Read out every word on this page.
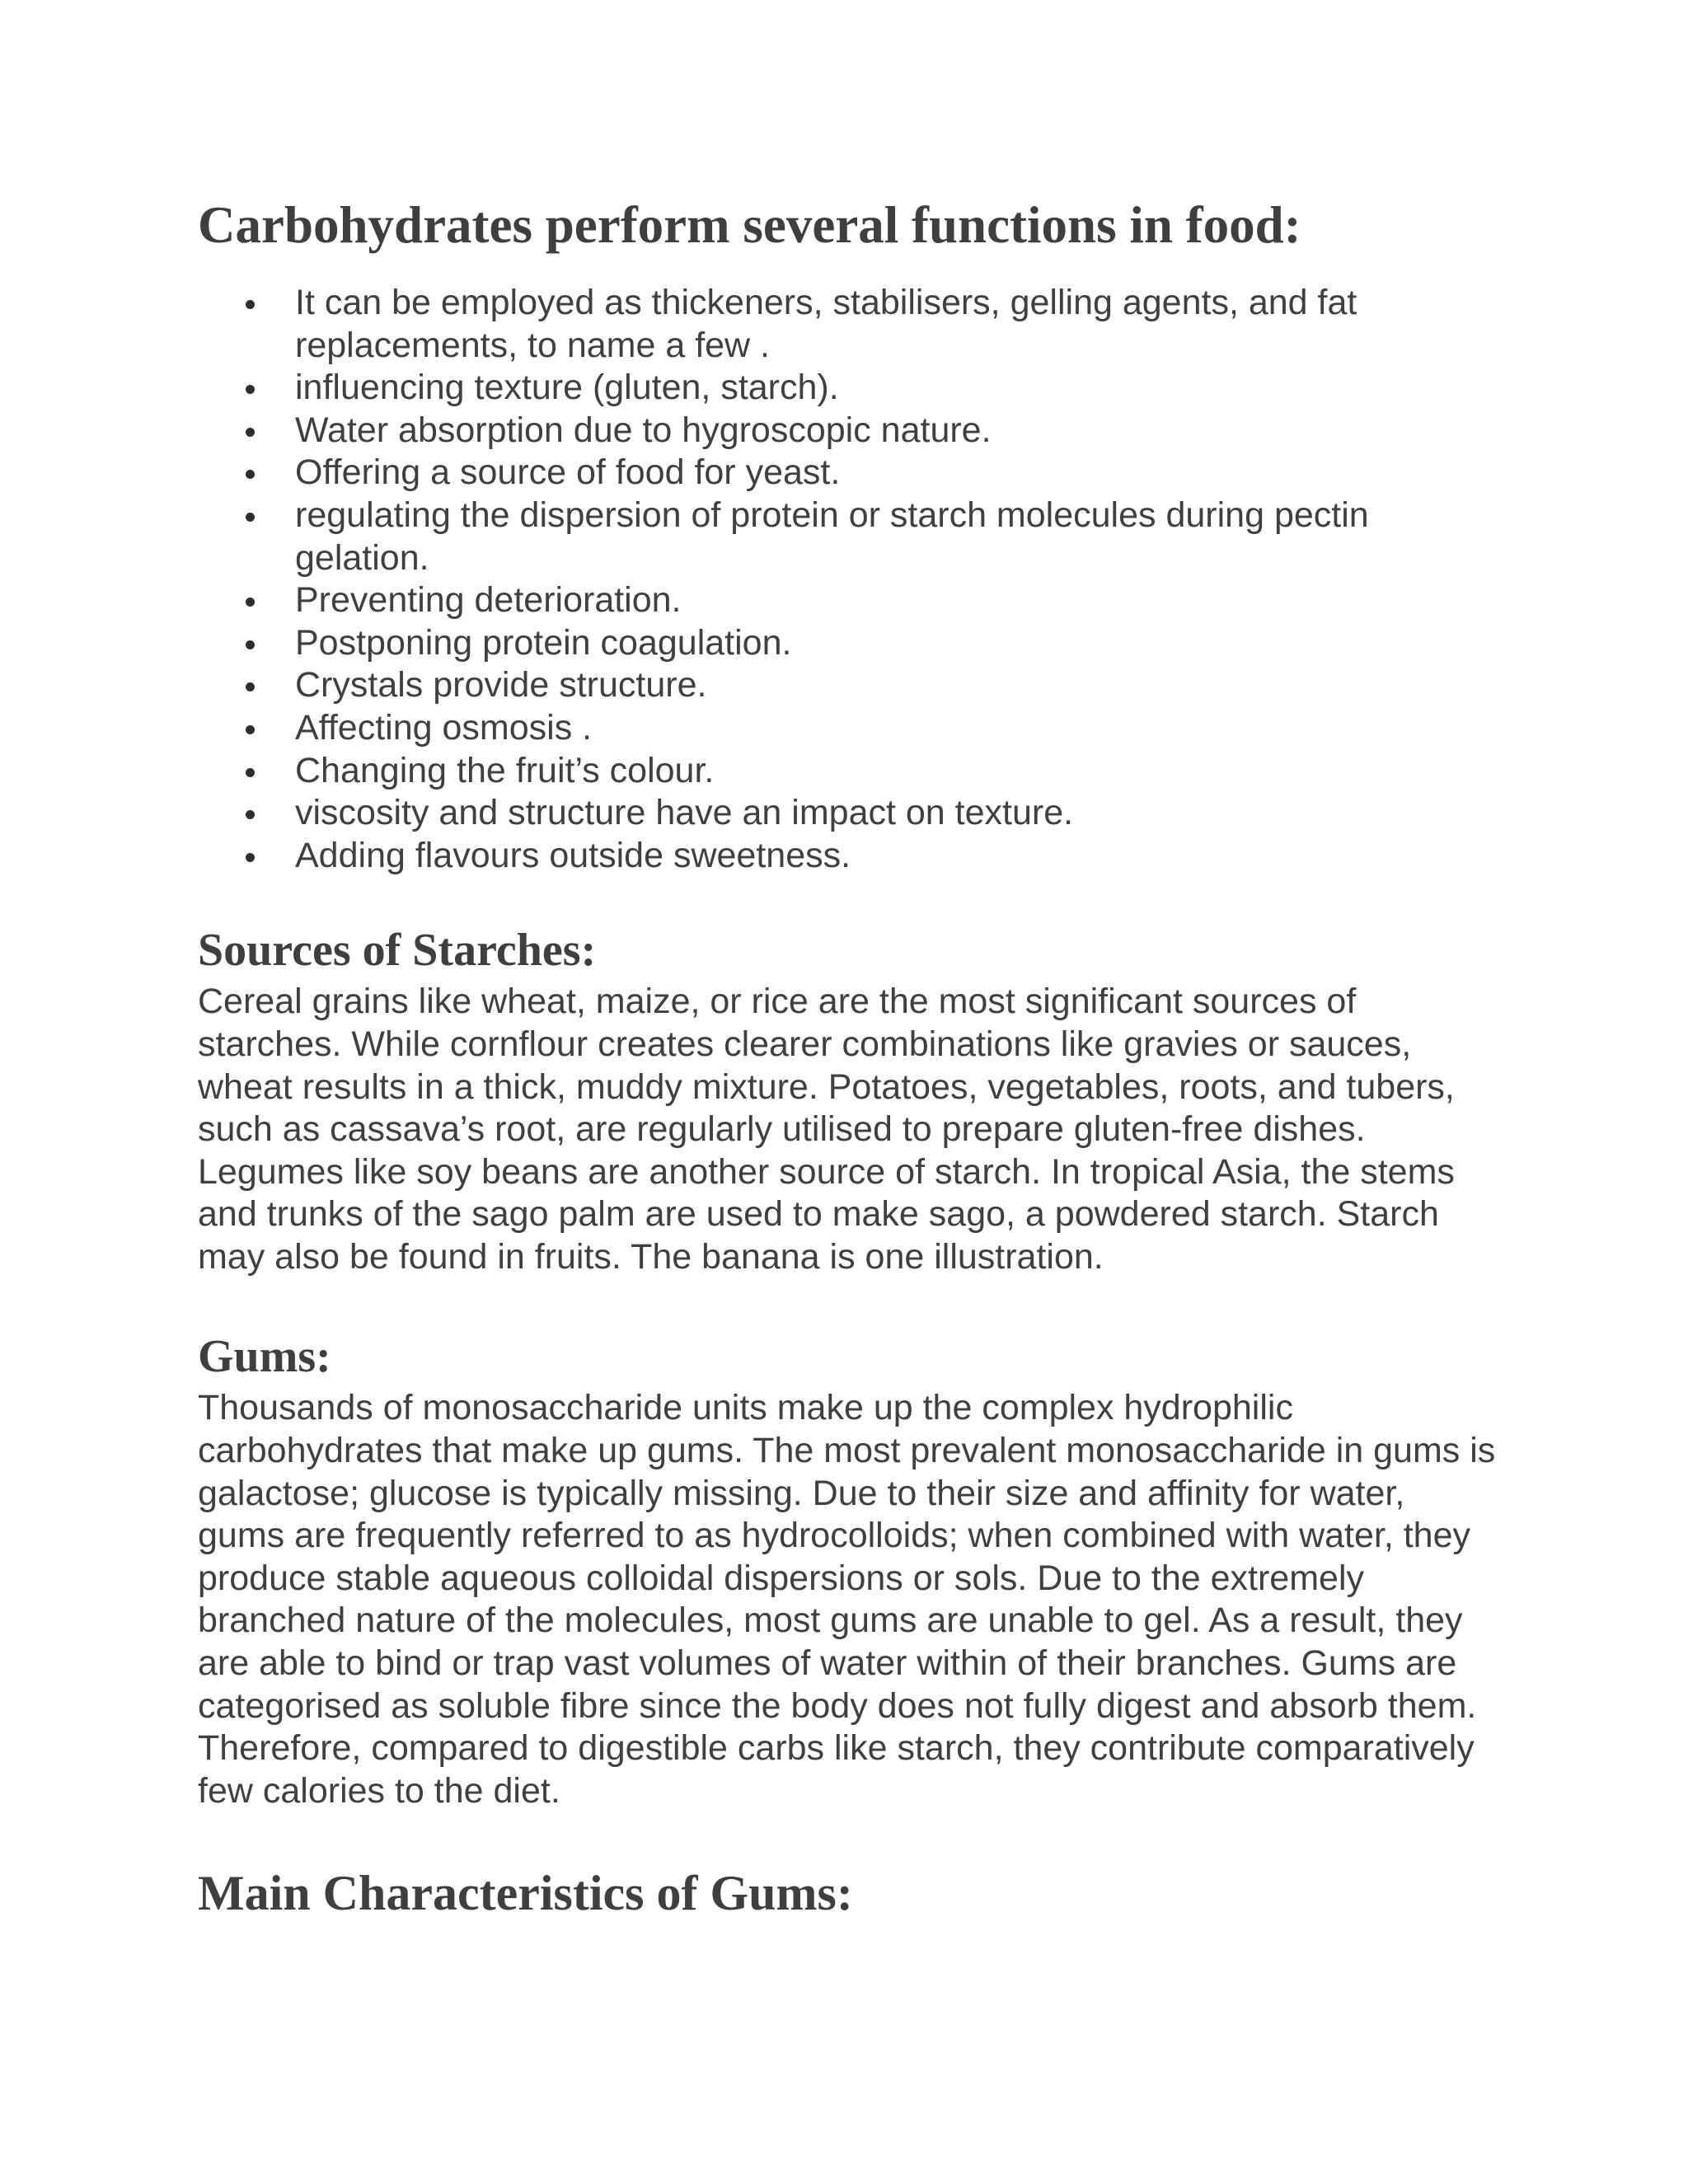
Carbohydrates perform several functions in food:
It can be employed as thickeners, stabilisers, gelling agents, and fat replacements, to name a few .
influencing texture (gluten, starch).
Water absorption due to hygroscopic nature.
Offering a source of food for yeast.
regulating the dispersion of protein or starch molecules during pectin gelation.
Preventing deterioration.
Postponing protein coagulation.
Crystals provide structure.
Affecting osmosis .
Changing the fruit’s colour.
viscosity and structure have an impact on texture.
Adding flavours outside sweetness.
Sources of Starches:

Cereal grains like wheat, maize, or rice are the most significant sources of starches. While cornflour creates clearer combinations like gravies or sauces, wheat results in a thick, muddy mixture. Potatoes, vegetables, roots, and tubers, such as cassava’s root, are regularly utilised to prepare gluten-free dishes. Legumes like soy beans are another source of starch. In tropical Asia, the stems and trunks of the sago palm are used to make sago, a powdered starch. Starch may also be found in fruits. The banana is one illustration.

Gums:

Thousands of monosaccharide units make up the complex hydrophilic carbohydrates that make up gums. The most prevalent monosaccharide in gums is galactose; glucose is typically missing. Due to their size and affinity for water, gums are frequently referred to as hydrocolloids; when combined with water, they produce stable aqueous colloidal dispersions or sols. Due to the extremely branched nature of the molecules, most gums are unable to gel. As a result, they are able to bind or trap vast volumes of water within of their branches. Gums are categorised as soluble fibre since the body does not fully digest and absorb them. Therefore, compared to digestible carbs like starch, they contribute comparatively few calories to the diet.

Main Characteristics of Gums:
